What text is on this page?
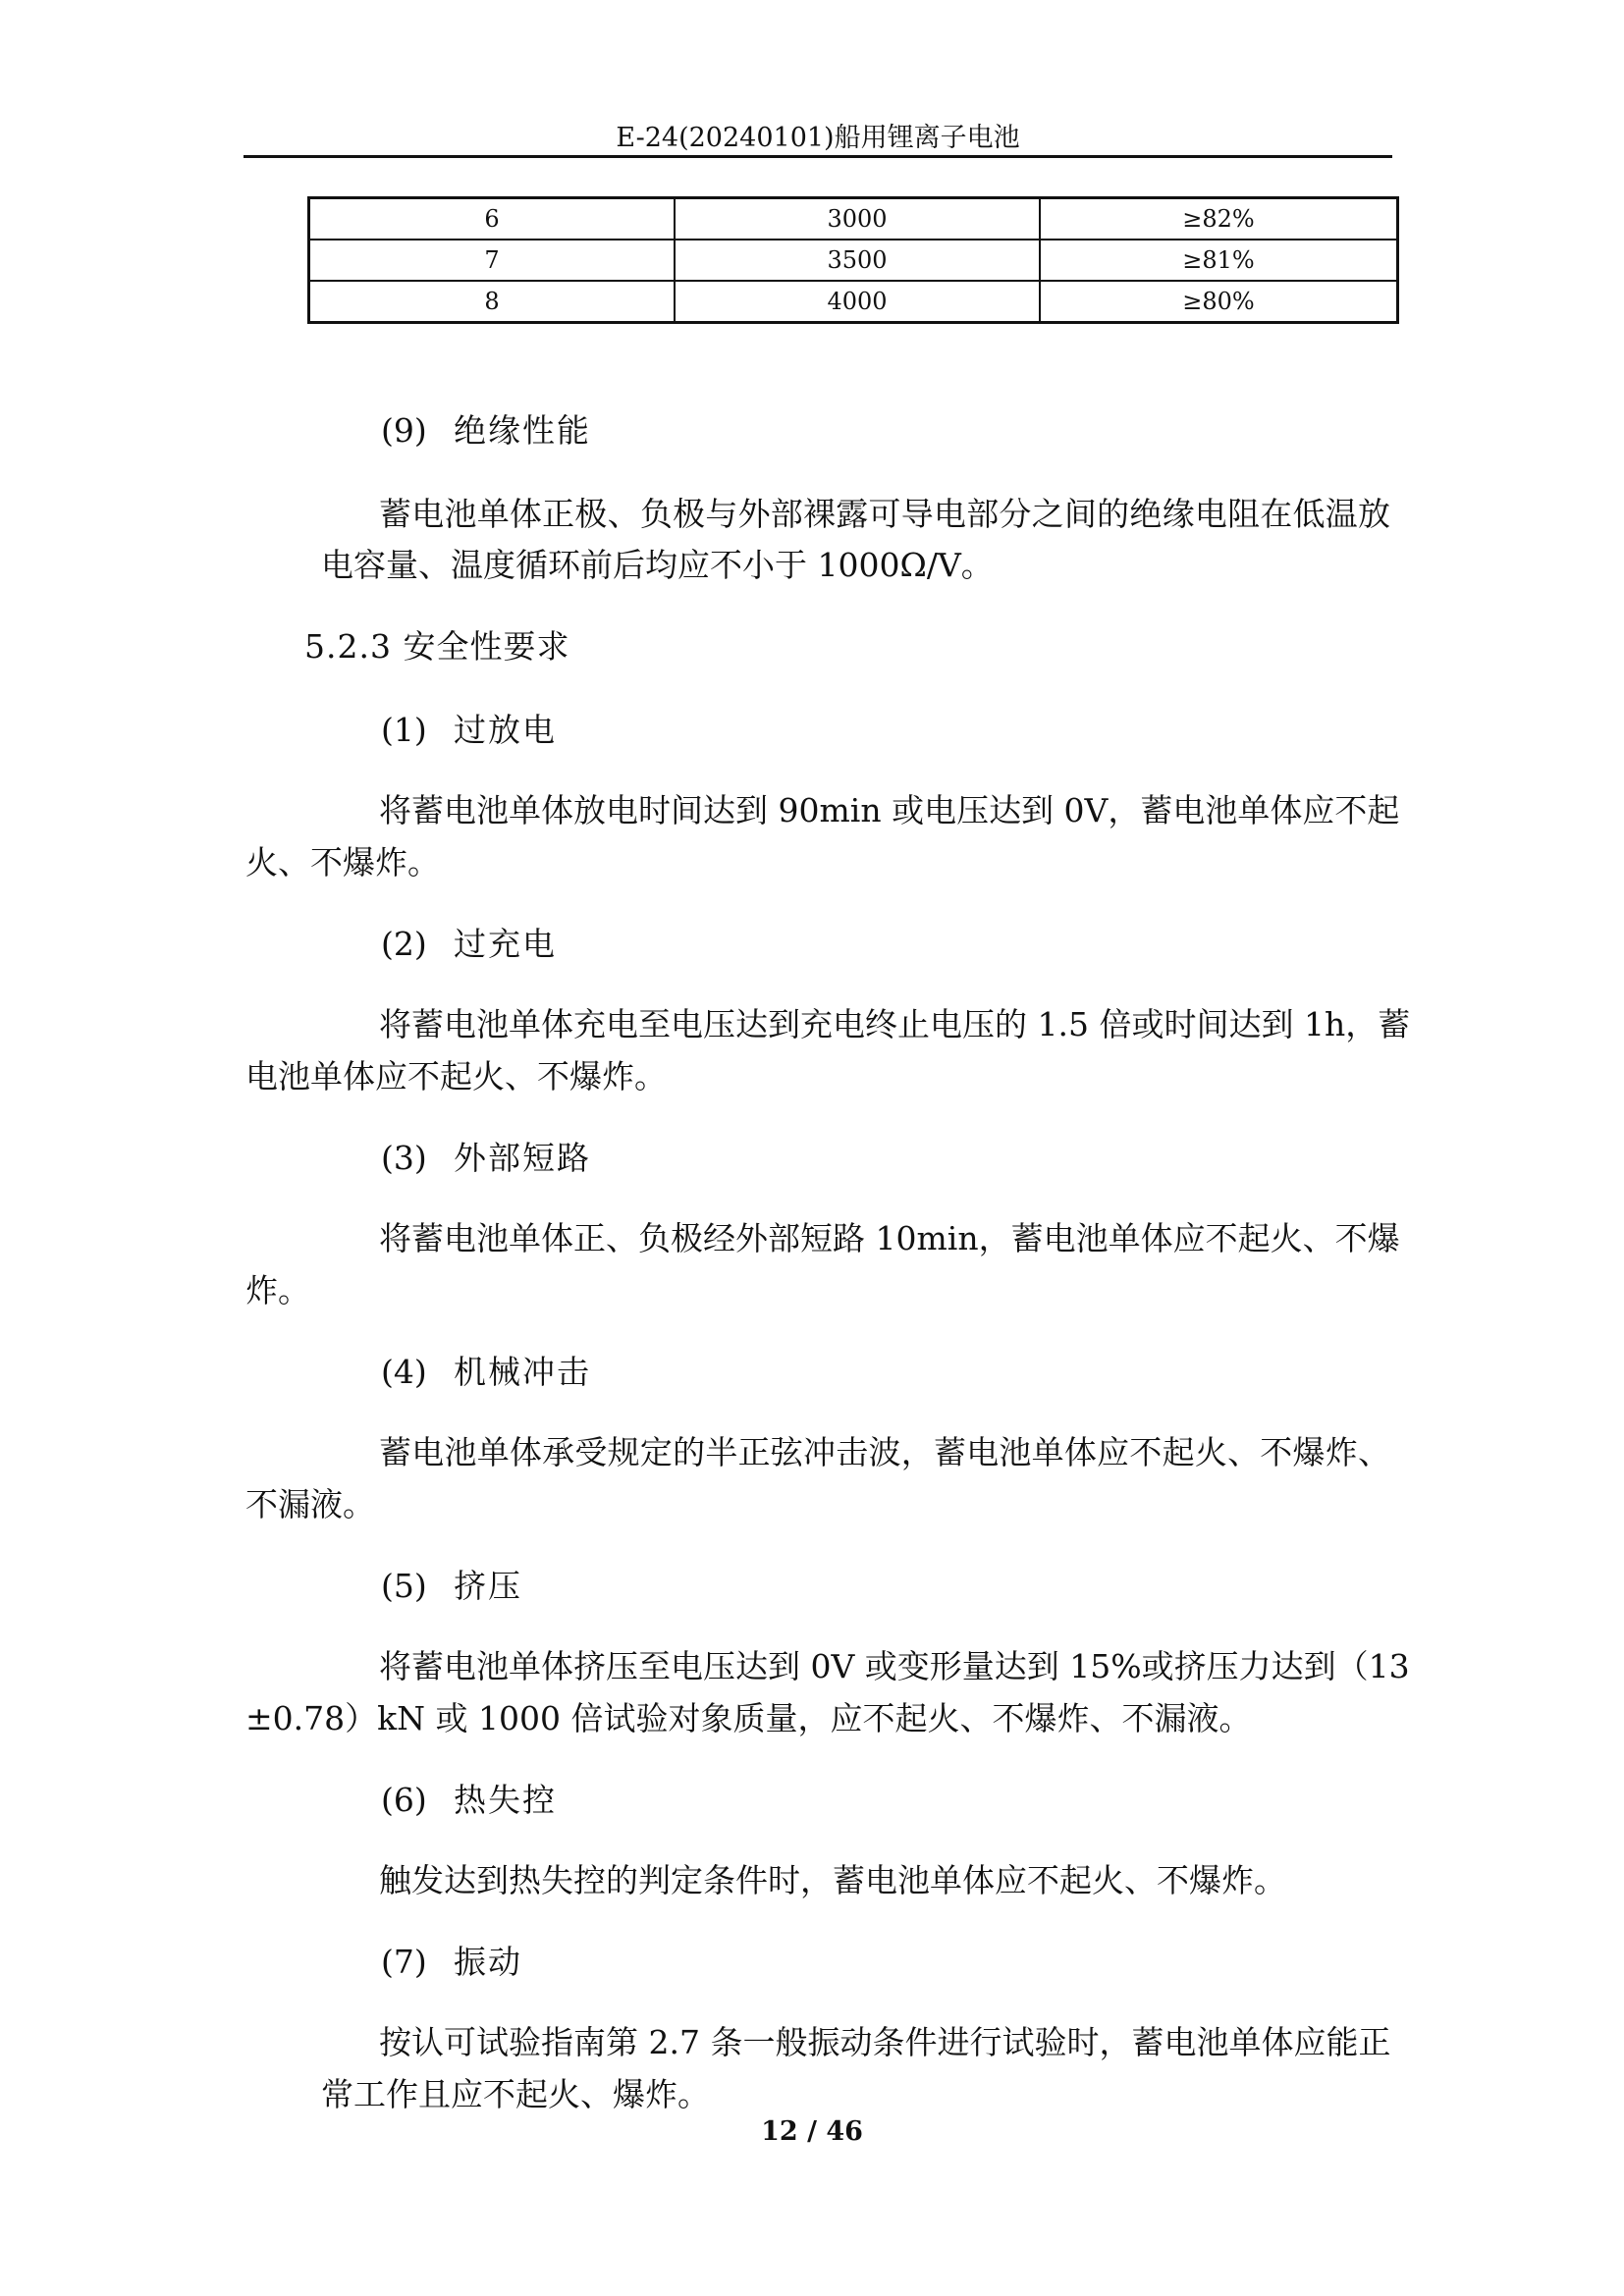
E-24(20240101)船用锂离子电池
6	3000	≥82%
7	3500	≥81%
8	4000	≥80%
(9) 绝缘性能
蓄电池单体正极、负极与外部裸露可导电部分之间的绝缘电阻在低温放
电容量、温度循环前后均应不小于 1000Ω/V。
5.2.3 安全性要求
(1) 过放电
将蓄电池单体放电时间达到 90min 或电压达到 0V，蓄电池单体应不起
火、不爆炸。
(2) 过充电
将蓄电池单体充电至电压达到充电终止电压的 1.5 倍或时间达到 1h，蓄
电池单体应不起火、不爆炸。
(3) 外部短路
将蓄电池单体正、负极经外部短路 10min，蓄电池单体应不起火、不爆
炸。
(4) 机械冲击
蓄电池单体承受规定的半正弦冲击波，蓄电池单体应不起火、不爆炸、
不漏液。
(5) 挤压
将蓄电池单体挤压至电压达到 0V 或变形量达到 15%或挤压力达到（13
±0.78）kN 或 1000 倍试验对象质量，应不起火、不爆炸、不漏液。
(6) 热失控
触发达到热失控的判定条件时，蓄电池单体应不起火、不爆炸。
(7) 振动
按认可试验指南第 2.7 条一般振动条件进行试验时，蓄电池单体应能正
常工作且应不起火、爆炸。
12 / 46
